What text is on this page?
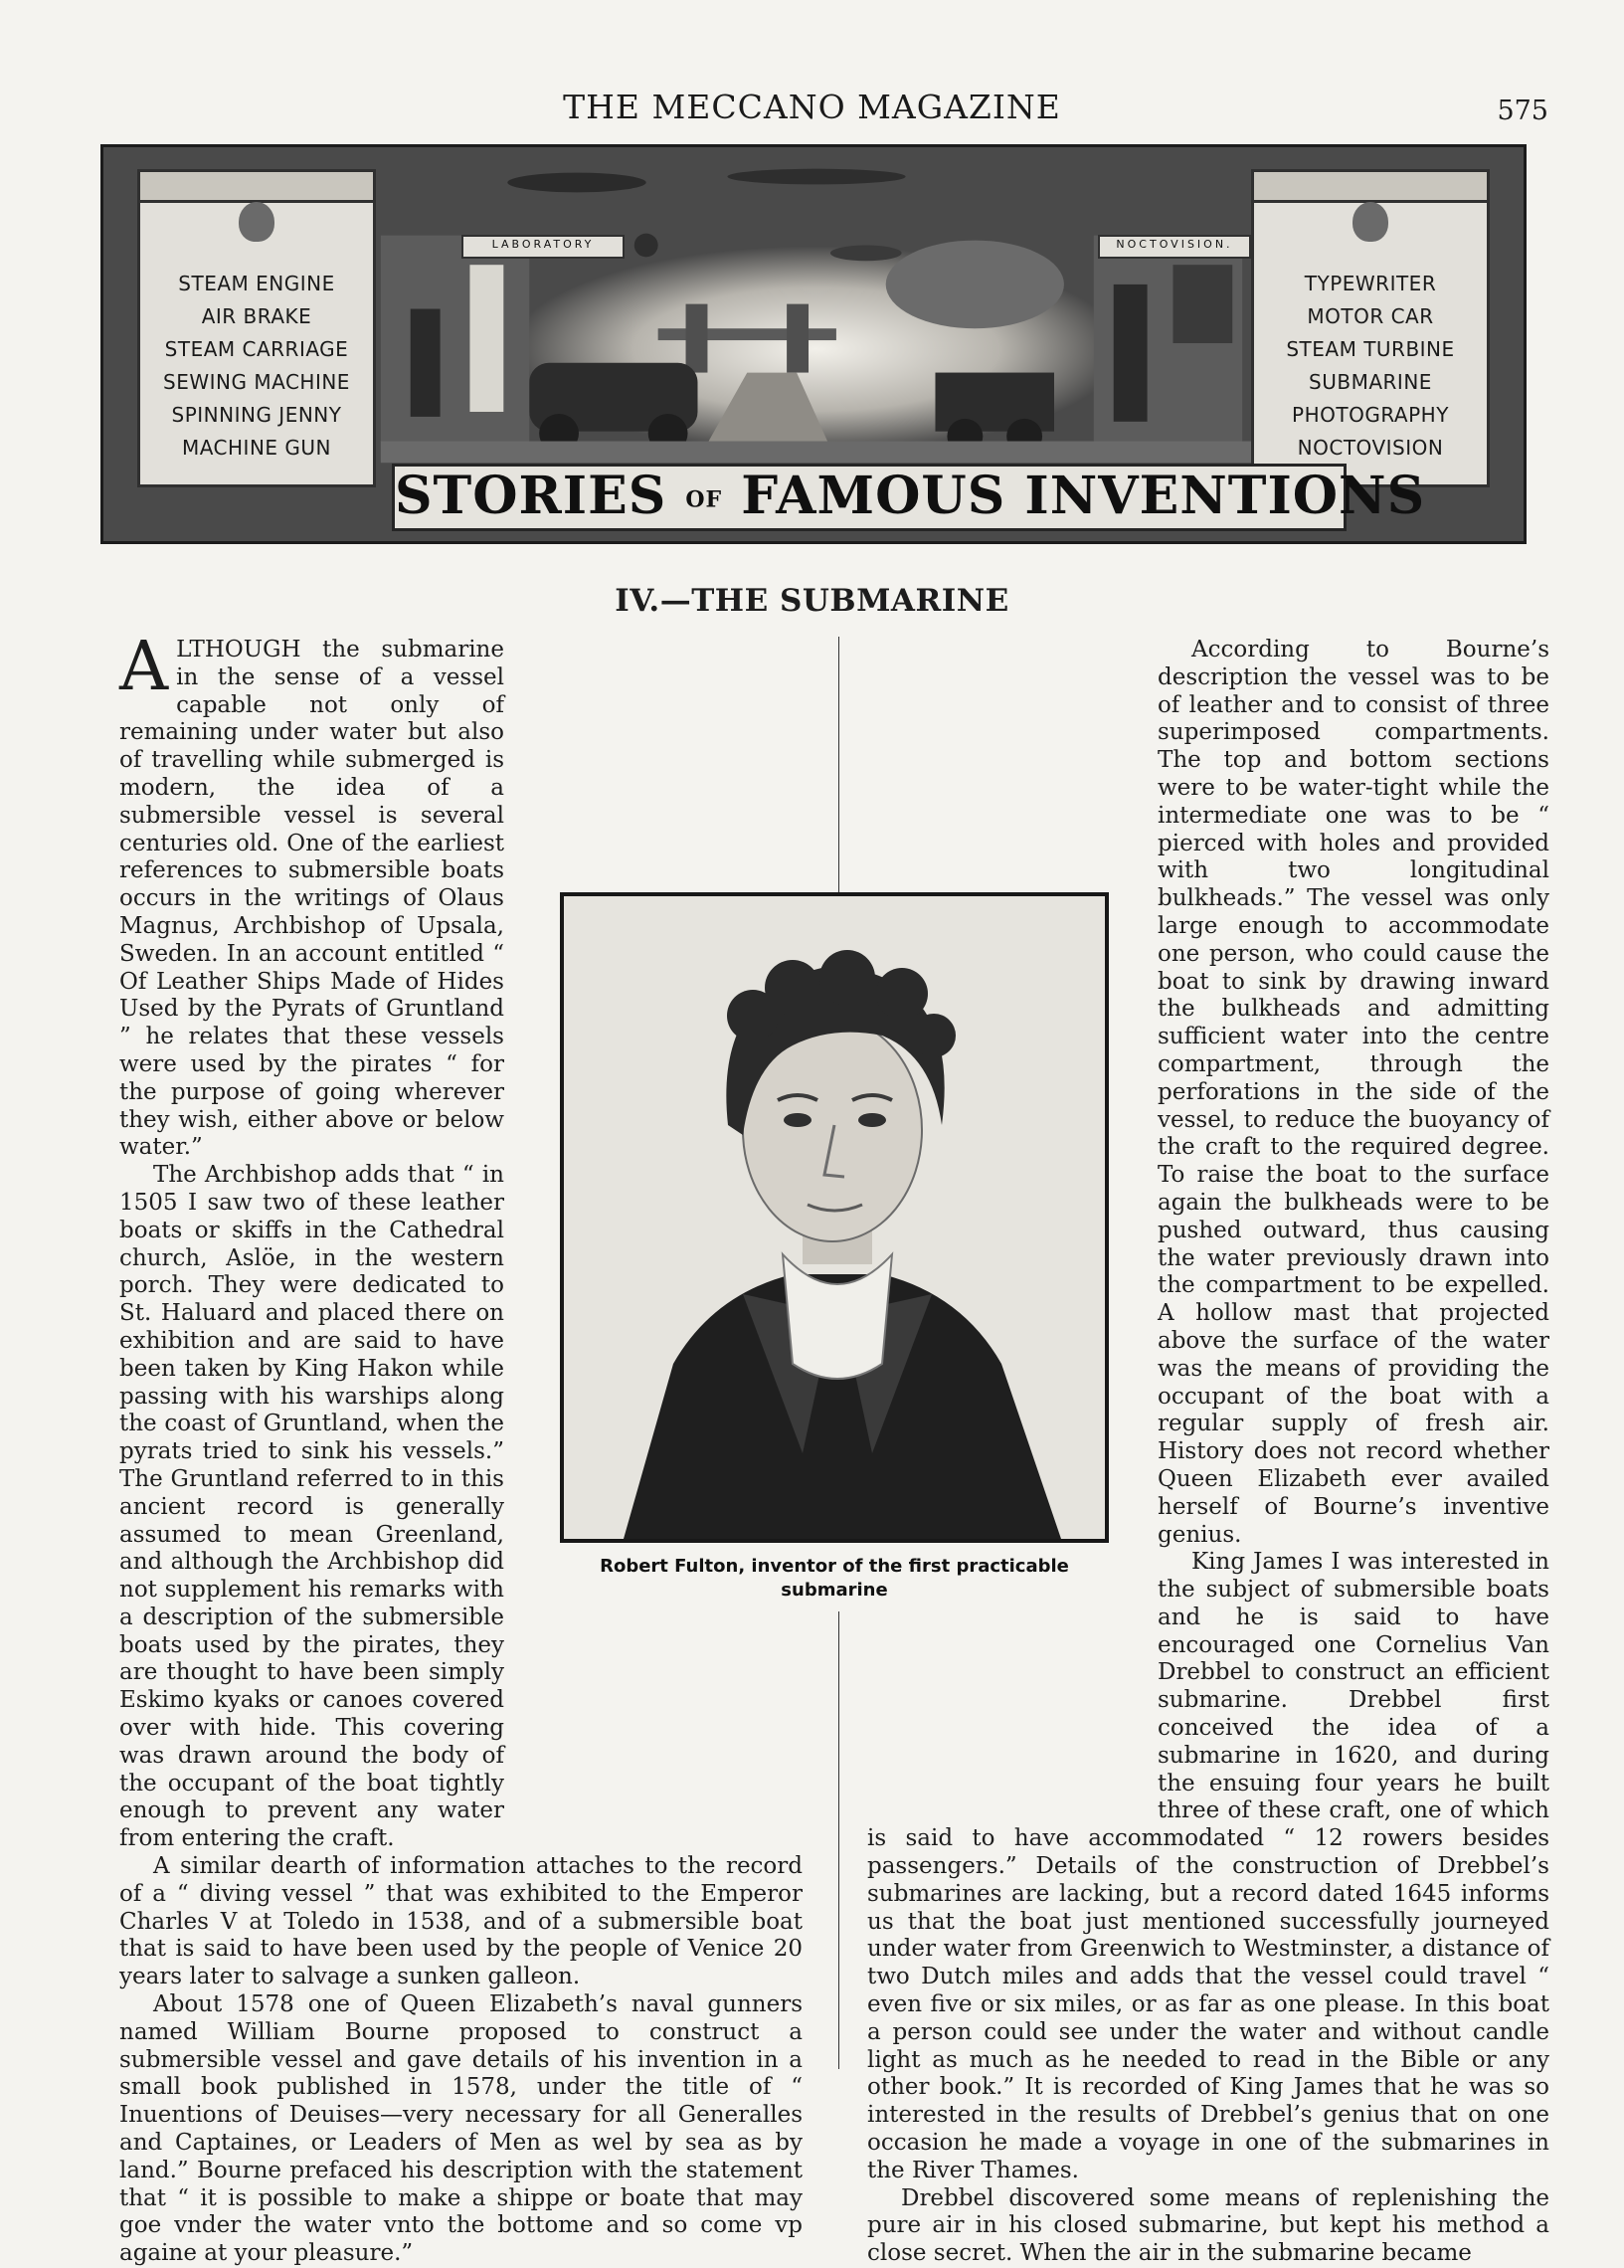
THE MECCANO MAGAZINE	575
LABORATORY	NOCTOVISION.
STEAM ENGINE
AIR BRAKE
STEAM CARRIAGE
SEWING MACHINE
SPINNING JENNY
MACHINE GUN
TYPEWRITER
MOTOR CAR
STEAM TURBINE
SUBMARINE
PHOTOGRAPHY
NOCTOVISION
STORIES OF FAMOUS INVENTIONS
IV.—THE SUBMARINE

ALTHOUGH the submarine in the sense of a vessel capable not only of remaining under water but also of travelling while submerged is modern, the idea of a submersible vessel is several centuries old. One of the earliest references to submersible boats occurs in the writings of Olaus Magnus, Archbishop of Upsala, Sweden. In an account entitled “ Of Leather Ships Made of Hides Used by the Pyrats of Gruntland ” he relates that these vessels were used by the pirates “ for the purpose of going wherever they wish, either above or below water.”

The Archbishop adds that “ in 1505 I saw two of these leather boats or skiffs in the Cathedral church, Aslöe, in the western porch. They were dedicated to St. Haluard and placed there on exhibition and are said to have been taken by King Hakon while passing with his warships along the coast of Gruntland, when the pyrats tried to sink his vessels.” The Gruntland referred to in this ancient record is generally assumed to mean Greenland, and although the Archbishop did not supplement his remarks with a description of the submersible boats used by the pirates, they are thought to have been simply Eskimo kyaks or canoes covered over with hide. This covering was drawn around the body of the occupant of the boat tightly enough to prevent any water from entering the craft.

A similar dearth of information attaches to the record of a “ diving vessel ” that was exhibited to the Emperor Charles V at Toledo in 1538, and of a submersible boat that is said to have been used by the people of Venice 20 years later to salvage a sunken galleon.

About 1578 one of Queen Elizabeth’s naval gunners named William Bourne proposed to construct a submersible vessel and gave details of his invention in a small book published in 1578, under the title of “ Inuentions of Deuises—very necessary for all Generalles and Captaines, or Leaders of Men as wel by sea as by land.” Bourne prefaced his description with the statement that “ it is possible to make a shippe or boate that may goe vnder the water vnto the bottome and so come vp againe at your pleasure.”

According to Bourne’s description the vessel was to be of leather and to consist of three superimposed compartments. The top and bottom sections were to be water-tight while the intermediate one was to be “ pierced with holes and provided with two longitudinal bulkheads.” The vessel was only large enough to accommodate one person, who could cause the boat to sink by drawing inward the bulkheads and admitting sufficient water into the centre compartment, through the perforations in the side of the vessel, to reduce the buoyancy of the craft to the required degree. To raise the boat to the surface again the bulkheads were to be pushed outward, thus causing the water previously drawn into the compartment to be expelled. A hollow mast that projected above the surface of the water was the means of providing the occupant of the boat with a regular supply of fresh air. History does not record whether Queen Elizabeth ever availed herself of Bourne’s inventive genius.

King James I was interested in the subject of submersible boats and he is said to have encouraged one Cornelius Van Drebbel to construct an efficient submarine. Drebbel first conceived the idea of a submarine in 1620, and during the ensuing four years he built three of these craft, one of which is said to have accommodated “ 12 rowers besides passengers.” Details of the construction of Drebbel’s submarines are lacking, but a record dated 1645 informs us that the boat just mentioned successfully journeyed under water from Greenwich to Westminster, a distance of two Dutch miles and adds that the vessel could travel “ even five or six miles, or as far as one please. In this boat a person could see under the water and without candle light as much as he needed to read in the Bible or any other book.” It is recorded of King James that he was so interested in the results of Drebbel’s genius that on one occasion he made a voyage in one of the submarines in the River Thames.

Drebbel discovered some means of replenishing the pure air in his closed submarine, but kept his method a close secret. When the air in the submarine became

Robert Fulton, inventor of the first practicable submarine
